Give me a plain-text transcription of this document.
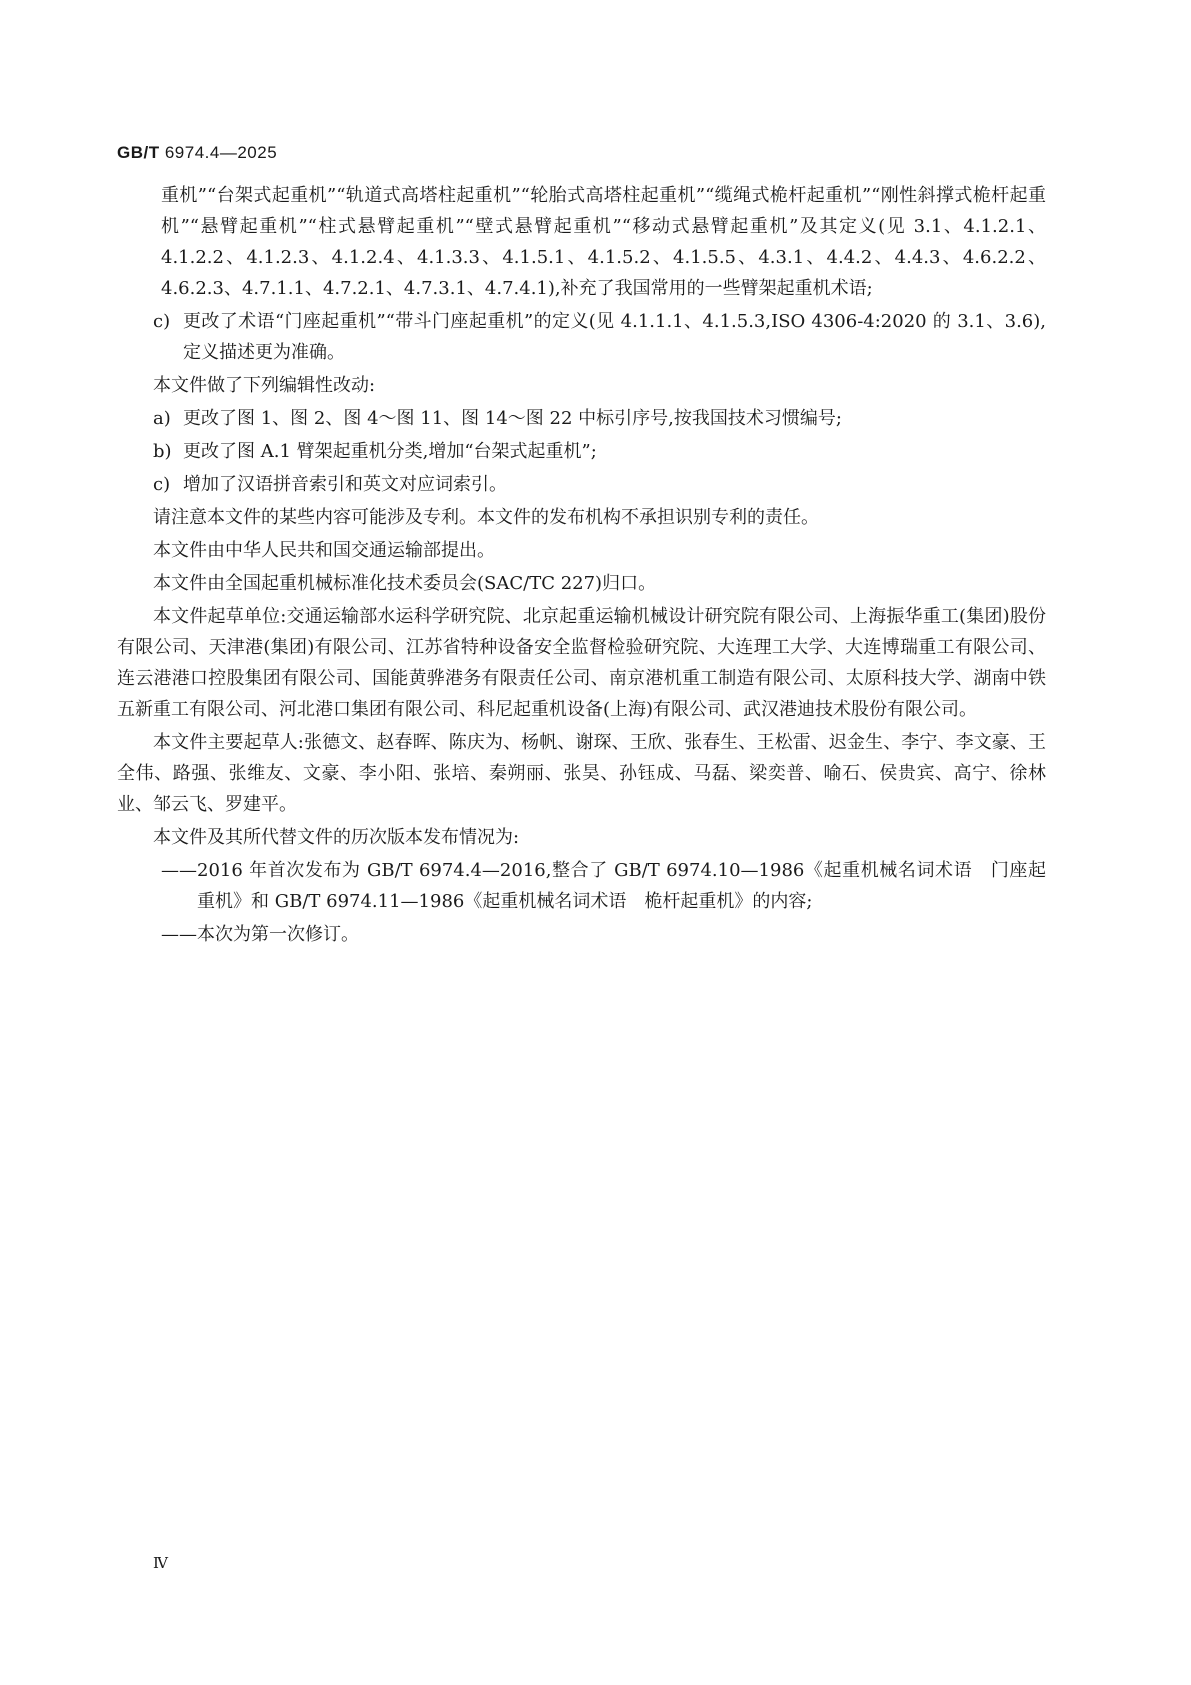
GB/T 6974.4—2025
重机”“台架式起重机”“轨道式高塔柱起重机”“轮胎式高塔柱起重机”“缆绳式桅杆起重机”“刚性斜撑式桅杆起重机”“悬臂起重机”“柱式悬臂起重机”“壁式悬臂起重机”“移动式悬臂起重机”及其定义(见 3.1、4.1.2.1、4.1.2.2、4.1.2.3、4.1.2.4、4.1.3.3、4.1.5.1、4.1.5.2、4.1.5.5、4.3.1、4.4.2、4.4.3、4.6.2.2、4.6.2.3、4.7.1.1、4.7.2.1、4.7.3.1、4.7.4.1),补充了我国常用的一些臂架起重机术语;
c) 更改了术语“门座起重机”“带斗门座起重机”的定义(见 4.1.1.1、4.1.5.3,ISO 4306-4:2020 的 3.1、3.6),定义描述更为准确。
本文件做了下列编辑性改动:
a) 更改了图 1、图 2、图 4～图 11、图 14～图 22 中标引序号,按我国技术习惯编号;
b) 更改了图 A.1 臂架起重机分类,增加“台架式起重机”;
c) 增加了汉语拼音索引和英文对应词索引。
请注意本文件的某些内容可能涉及专利。本文件的发布机构不承担识别专利的责任。
本文件由中华人民共和国交通运输部提出。
本文件由全国起重机械标准化技术委员会(SAC/TC 227)归口。
本文件起草单位:交通运输部水运科学研究院、北京起重运输机械设计研究院有限公司、上海振华重工(集团)股份有限公司、天津港(集团)有限公司、江苏省特种设备安全监督检验研究院、大连理工大学、大连博瑞重工有限公司、连云港港口控股集团有限公司、国能黄骅港务有限责任公司、南京港机重工制造有限公司、太原科技大学、湖南中铁五新重工有限公司、河北港口集团有限公司、科尼起重机设备(上海)有限公司、武汉港迪技术股份有限公司。
本文件主要起草人:张德文、赵春晖、陈庆为、杨帆、谢琛、王欣、张春生、王松雷、迟金生、李宁、李文豪、王全伟、路强、张维友、文豪、李小阳、张培、秦朔丽、张昊、孙钰成、马磊、梁奕普、喻石、侯贵宾、高宁、徐林业、邹云飞、罗建平。
本文件及其所代替文件的历次版本发布情况为:
—— 2016 年首次发布为 GB/T 6974.4—2016,整合了 GB/T 6974.10—1986《起重机械名词术语　门座起重机》和 GB/T 6974.11—1986《起重机械名词术语　桅杆起重机》的内容;
—— 本次为第一次修订。
Ⅳ
